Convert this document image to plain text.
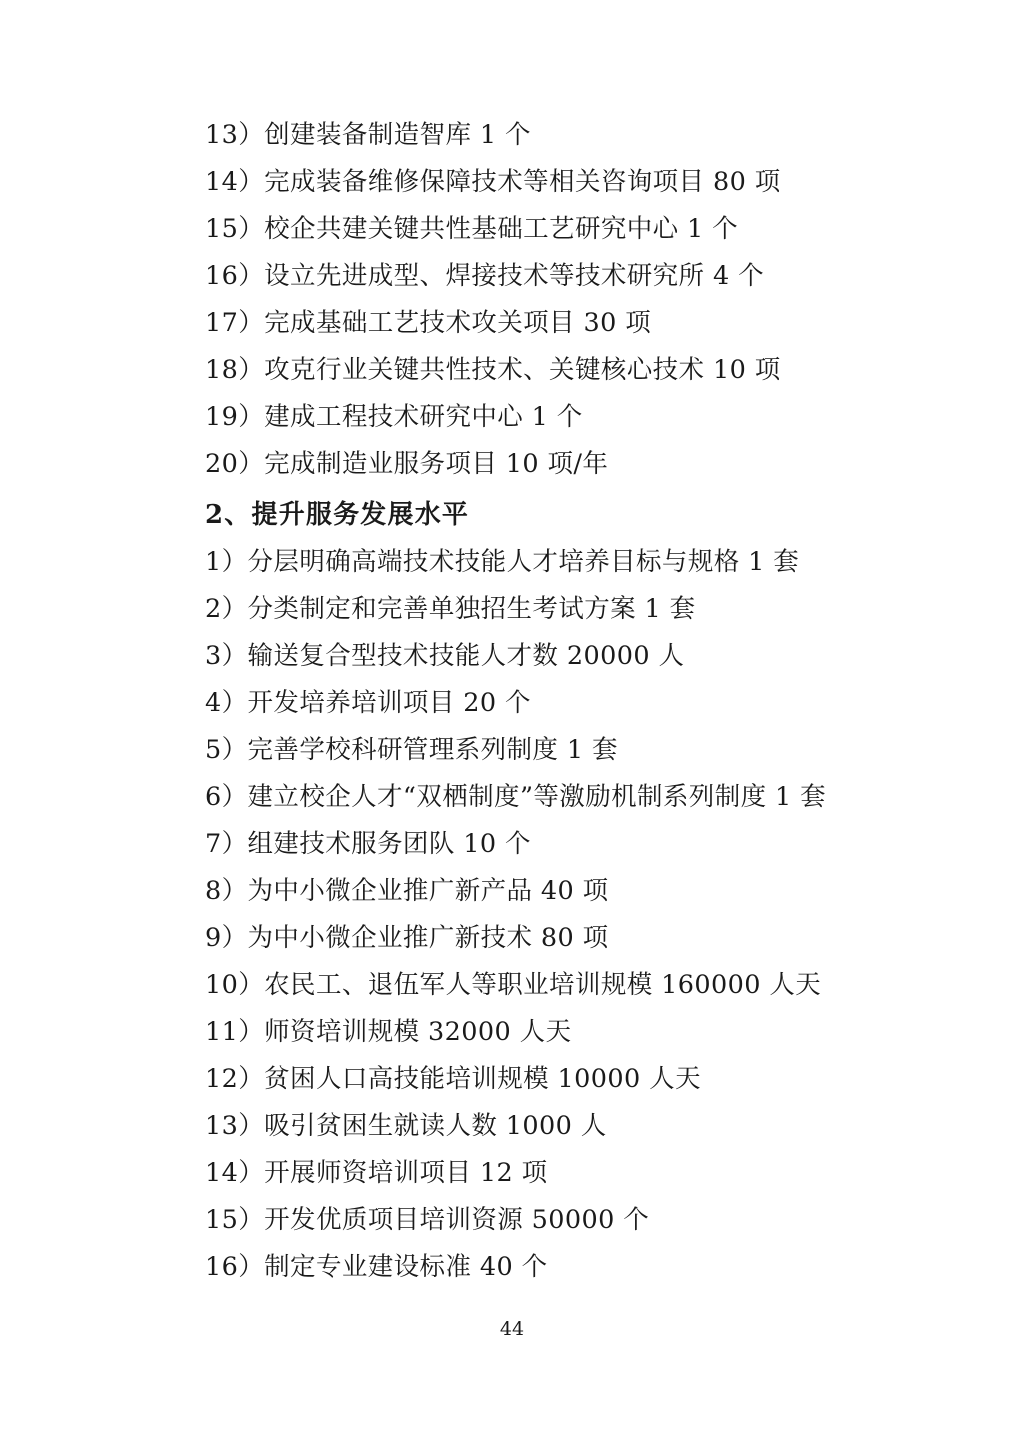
13）创建装备制造智库 1 个
14）完成装备维修保障技术等相关咨询项目 80 项
15）校企共建关键共性基础工艺研究中心 1 个
16）设立先进成型、焊接技术等技术研究所 4 个
17）完成基础工艺技术攻关项目 30 项
18）攻克行业关键共性技术、关键核心技术 10 项
19）建成工程技术研究中心 1 个
20）完成制造业服务项目 10 项/年
2、提升服务发展水平
1）分层明确高端技术技能人才培养目标与规格 1 套
2）分类制定和完善单独招生考试方案 1 套
3）输送复合型技术技能人才数 20000 人
4）开发培养培训项目 20 个
5）完善学校科研管理系列制度 1 套
6）建立校企人才“双栖制度”等激励机制系列制度 1 套
7）组建技术服务团队 10 个
8）为中小微企业推广新产品 40 项
9）为中小微企业推广新技术 80 项
10）农民工、退伍军人等职业培训规模 160000 人天
11）师资培训规模 32000 人天
12）贫困人口高技能培训规模 10000 人天
13）吸引贫困生就读人数 1000 人
14）开展师资培训项目 12 项
15）开发优质项目培训资源 50000 个
16）制定专业建设标准 40 个
44
